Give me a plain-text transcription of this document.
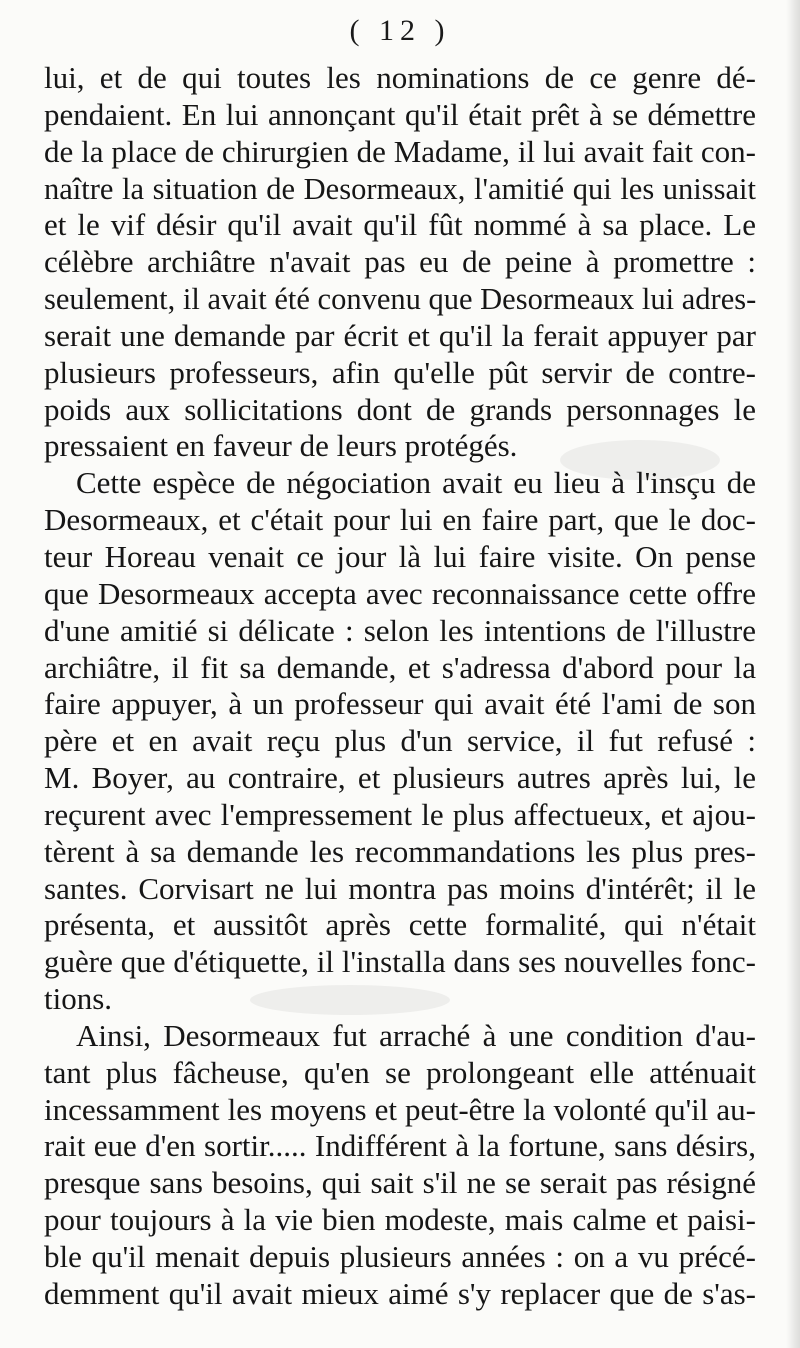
( 12 )
lui, et de qui toutes les nominations de ce genre dé-
pendaient. En lui annonçant qu'il était prêt à se démettre
de la place de chirurgien de Madame, il lui avait fait con-
naître la situation de Desormeaux, l'amitié qui les unissait
et le vif désir qu'il avait qu'il fût nommé à sa place. Le
célèbre archiâtre n'avait pas eu de peine à promettre :
seulement, il avait été convenu que Desormeaux lui adres-
serait une demande par écrit et qu'il la ferait appuyer par
plusieurs professeurs, afin qu'elle pût servir de contre-
poids aux sollicitations dont de grands personnages le
pressaient en faveur de leurs protégés.
Cette espèce de négociation avait eu lieu à l'insçu de
Desormeaux, et c'était pour lui en faire part, que le doc-
teur Horeau venait ce jour là lui faire visite. On pense
que Desormeaux accepta avec reconnaissance cette offre
d'une amitié si délicate : selon les intentions de l'illustre
archiâtre, il fit sa demande, et s'adressa d'abord pour la
faire appuyer, à un professeur qui avait été l'ami de son
père et en avait reçu plus d'un service, il fut refusé :
M. Boyer, au contraire, et plusieurs autres après lui, le
reçurent avec l'empressement le plus affectueux, et ajou-
tèrent à sa demande les recommandations les plus pres-
santes. Corvisart ne lui montra pas moins d'intérêt; il le
présenta, et aussitôt après cette formalité, qui n'était
guère que d'étiquette, il l'installa dans ses nouvelles fonc-
tions.
Ainsi, Desormeaux fut arraché à une condition d'au-
tant plus fâcheuse, qu'en se prolongeant elle atténuait
incessamment les moyens et peut-être la volonté qu'il au-
rait eue d'en sortir..... Indifférent à la fortune, sans désirs,
presque sans besoins, qui sait s'il ne se serait pas résigné
pour toujours à la vie bien modeste, mais calme et paisi-
ble qu'il menait depuis plusieurs années : on a vu précé-
demment qu'il avait mieux aimé s'y replacer que de s'as-
